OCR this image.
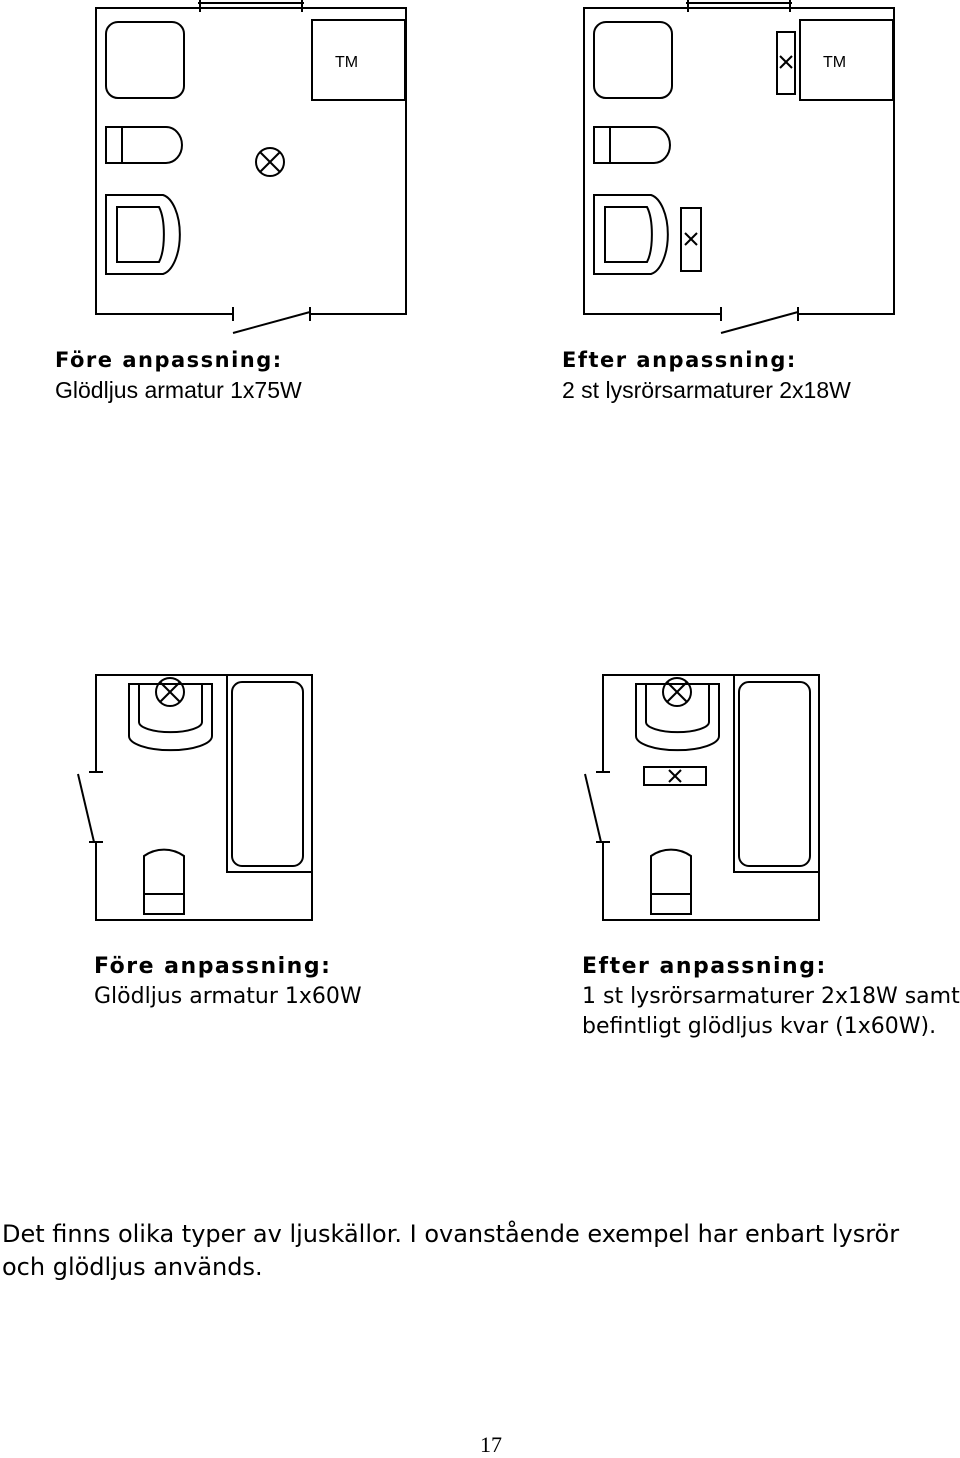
TM	TM
Före anpassning:
Glödljus armatur 1x75W
Efter anpassning:
2 st lysrörsarmaturer 2x18W
Före anpassning:
Glödljus armatur 1x60W
Efter anpassning:
1 st lysrörsarmaturer 2x18W samt befintligt glödljus kvar (1x60W).
Det finns olika typer av ljuskällor. I ovanstående exempel har enbart lysrör och glödljus används.
17
